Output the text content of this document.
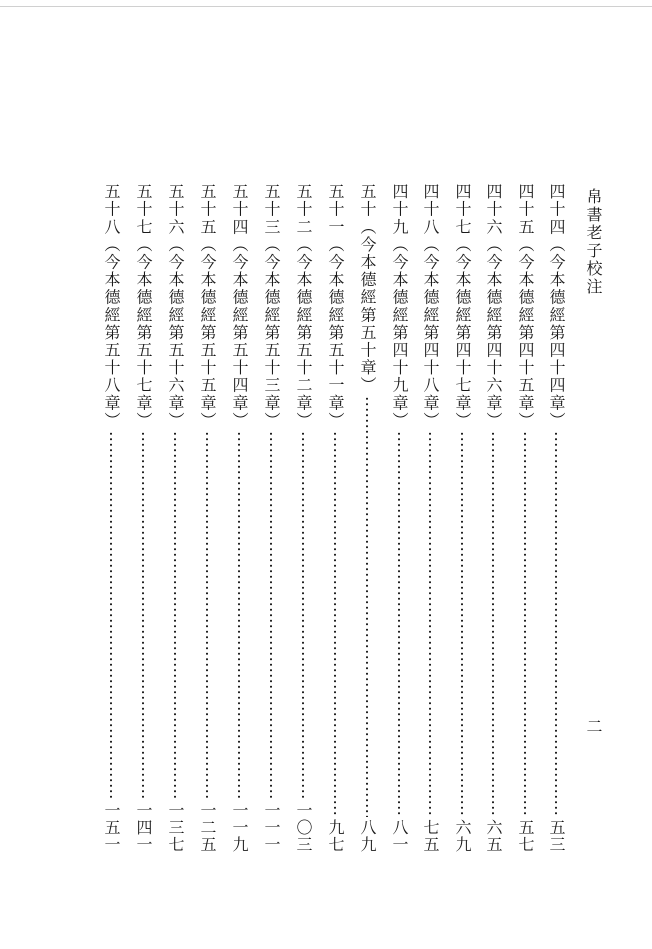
帛書老子校注
二
四十四（今本德經第四十四章）
五三
四十五（今本德經第四十五章）
五七
四十六（今本德經第四十六章）
六五
四十七（今本德經第四十七章）
六九
四十八（今本德經第四十八章）
七五
四十九（今本德經第四十九章）
八一
五十（今本德經第五十章）
八九
五十一（今本德經第五十一章）
九七
五十二（今本德經第五十二章）
一〇三
五十三（今本德經第五十三章）
一一一
五十四（今本德經第五十四章）
一一九
五十五（今本德經第五十五章）
一二五
五十六（今本德經第五十六章）
一三七
五十七（今本德經第五十七章）
一四一
五十八（今本德經第五十八章）
一五一
